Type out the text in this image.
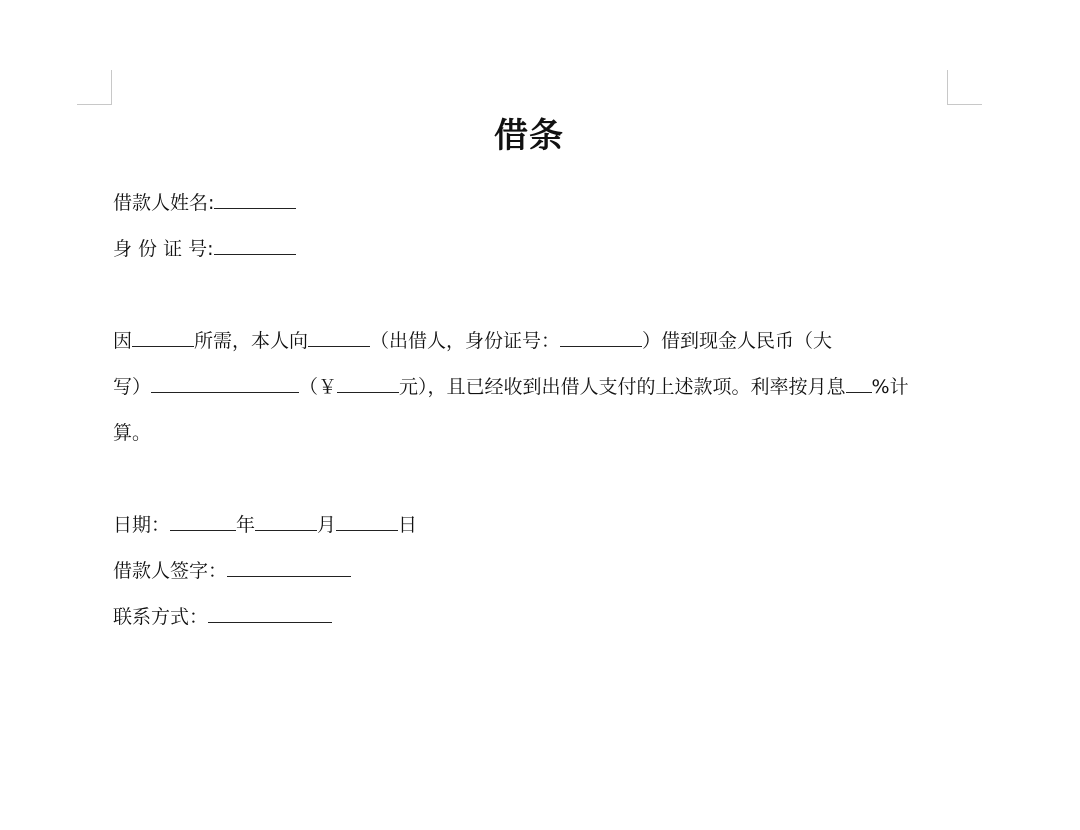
借条
借款人姓名:
身 份 证 号:
因	所需，本人向	（出借人，身份证号：	）借到现金人民币（大
写）	（￥	元），且已经收到出借人支付的上述款项。利率按月息 %计
算。
日期：	年	月	日
借款人签字：
联系方式：
